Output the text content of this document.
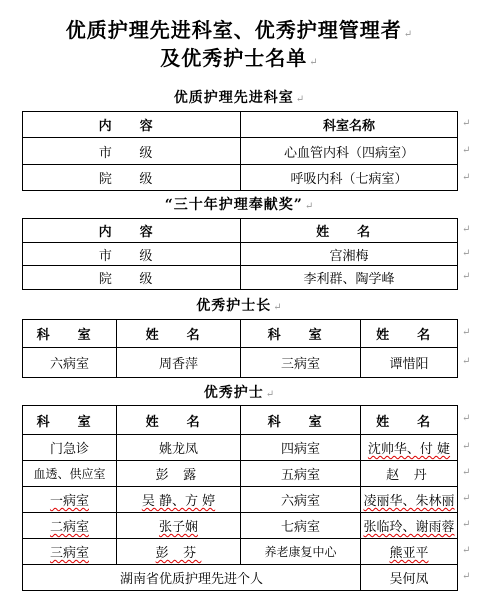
优质护理先进科室、优秀护理管理者 ↵
及优秀护士名单 ↵
优质护理先进科室 ↵
内 容	科室名称
市 级	心血管内科（四病室）
院 级	呼吸内科（七病室）
“三十年护理奉献奖” ↵
内 容	姓 名
市 级	宫湘梅
院 级	李利群、陶学峰
优秀护士长 ↵
科 室	姓 名	科 室	姓 名
六病室	周香萍	三病室	谭惜阳
优秀护士 ↵
科 室	姓 名	科 室	姓 名
门急诊	姚龙凤	四病室	沈帅华、付 婕
血透、供应室	彭 露	五病室	赵 丹
一病室	吴 静、方 婷	六病室	凌丽华、朱林丽
二病室	张子娴	七病室	张临玲、谢雨蓉
三病室	彭 芬	养老康复中心	熊亚平
湖南省优质护理先进个人			吴何凤
↵
↵
↵
↵
↵
↵
↵
↵
↵
↵
↵
↵
↵
↵
↵
